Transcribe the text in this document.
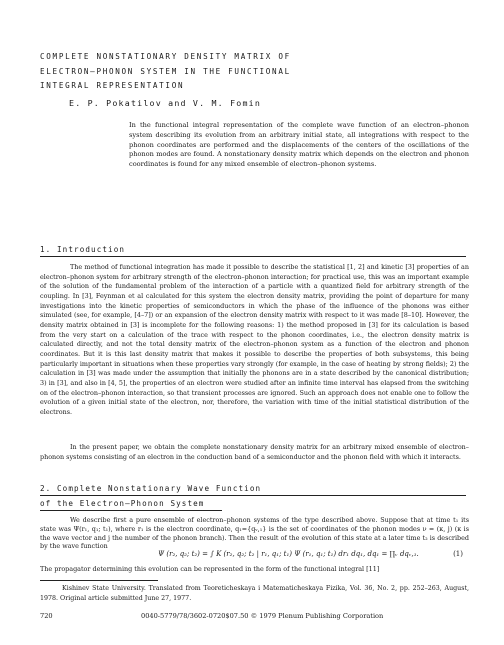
COMPLETE NONSTATIONARY DENSITY MATRIX OF
ELECTRON–PHONON SYSTEM IN THE FUNCTIONAL
INTEGRAL REPRESENTATION
E. P. Pokatilov and V. M. Fomin

In the functional integral representation of the complete wave function of an electron–phonon system describing its evolution from an arbitrary initial state, all integrations with respect to the phonon coordinates are performed and the displacements of the centers of the oscillations of the phonon modes are found. A nonstationary density matrix which depends on the electron and phonon coordinates is found for any mixed ensemble of electron–phonon systems.

1. Introduction

The method of functional integration has made it possible to describe the statistical [1, 2] and kinetic [3] properties of an electron–phonon system for arbitrary strength of the electron–phonon interaction; for practical use, this was an important example of the solution of the fundamental problem of the interaction of a particle with a quantized field for arbitrary strength of the coupling. In [3], Feynman et al calculated for this system the electron density matrix, providing the point of departure for many investigations into the kinetic properties of semiconductors in which the phase of the influence of the phonons was either simulated (see, for example, [4–7]) or an expansion of the electron density matrix with respect to it was made [8–10]. However, the density matrix obtained in [3] is incomplete for the following reasons: 1) the method proposed in [3] for its calculation is based from the very start on a calculation of the trace with respect to the phonon coordinates, i.e., the electron density matrix is calculated directly, and not the total density matrix of the electron–phonon system as a function of the electron and phonon coordinates. But it is this last density matrix that makes it possible to describe the properties of both subsystems, this being particularly important in situations when these properties vary strongly (for example, in the case of heating by strong fields); 2) the calculation in [3] was made under the assumption that initially the phonons are in a state described by the canonical distribution; 3) in [3], and also in [4, 5], the properties of an electron were studied after an infinite time interval has elapsed from the switching on of the electron–phonon interaction, so that transient processes are ignored. Such an approach does not enable one to follow the evolution of a given initial state of the electron, nor, therefore, the variation with time of the initial statistical distribution of the electrons.

In the present paper, we obtain the complete nonstationary density matrix for an arbitrary mixed ensemble of electron–phonon systems consisting of an electron in the conduction band of a semiconductor and the phonon field with which it interacts.

2. Complete Nonstationary Wave Function
of the Electron–Phonon System

We describe first a pure ensemble of electron–phonon systems of the type described above. Suppose that at time t₁ its state was Ψ(r₁, q₁; t₁), where r₁ is the electron coordinate, q₁={qᵥ,₁} is the set of coordinates of the phonon modes ν = (κ, j) (κ is the wave vector and j the number of the phonon branch). Then the result of the evolution of this state at a later time t₂ is described by the wave function

Ψ (r₂, q₂; t₂) = ∫ K (r₂, q₂; t₂ | r₁, q₁; t₁) Ψ (r₁, q₁; t₁) dr₁ dq₁, dq₁ = ∏ᵥ dqᵥ,₁.	(1)

The propagator determining this evolution can be represented in the form of the functional integral [11]

Kishinev State University. Translated from Teoreticheskaya i Matematicheskaya Fizika, Vol. 36, No. 2, pp. 252–263, August, 1978. Original article submitted June 27, 1977.

720	0040-5779/78/3602-0720$07.50 © 1979 Plenum Publishing Corporation
